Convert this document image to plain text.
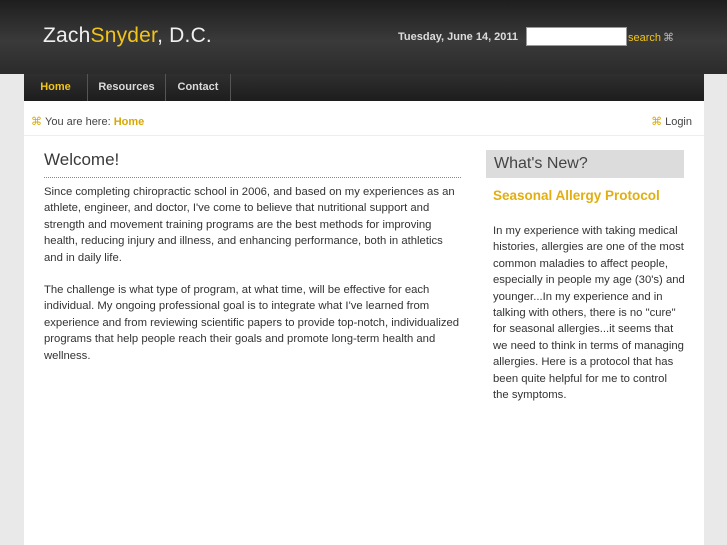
ZachSnyder, D.C.	Tuesday, June 14, 2011	search ⌘
Home	Resources	Contact
⌘ You are here: Home	⌘ Login
Welcome!

Since completing chiropractic school in 2006, and based on my experiences as an athlete, engineer, and doctor, I've come to believe that nutritional support and strength and movement training programs are the best methods for improving health, reducing injury and illness, and enhancing performance, both in athletics and in daily life.

The challenge is what type of program, at what time, will be effective for each individual. My ongoing professional goal is to integrate what I've learned from experience and from reviewing scientific papers to provide top-notch, individualized programs that help people reach their goals and promote long-term health and wellness.

What's New?
Seasonal Allergy Protocol
In my experience with taking medical histories, allergies are one of the most common maladies to affect people, especially in people my age (30's) and younger...In my experience and in talking with others, there is no "cure" for seasonal allergies...it seems that we need to think in terms of managing allergies. Here is a protocol that has been quite helpful for me to control the symptoms.
